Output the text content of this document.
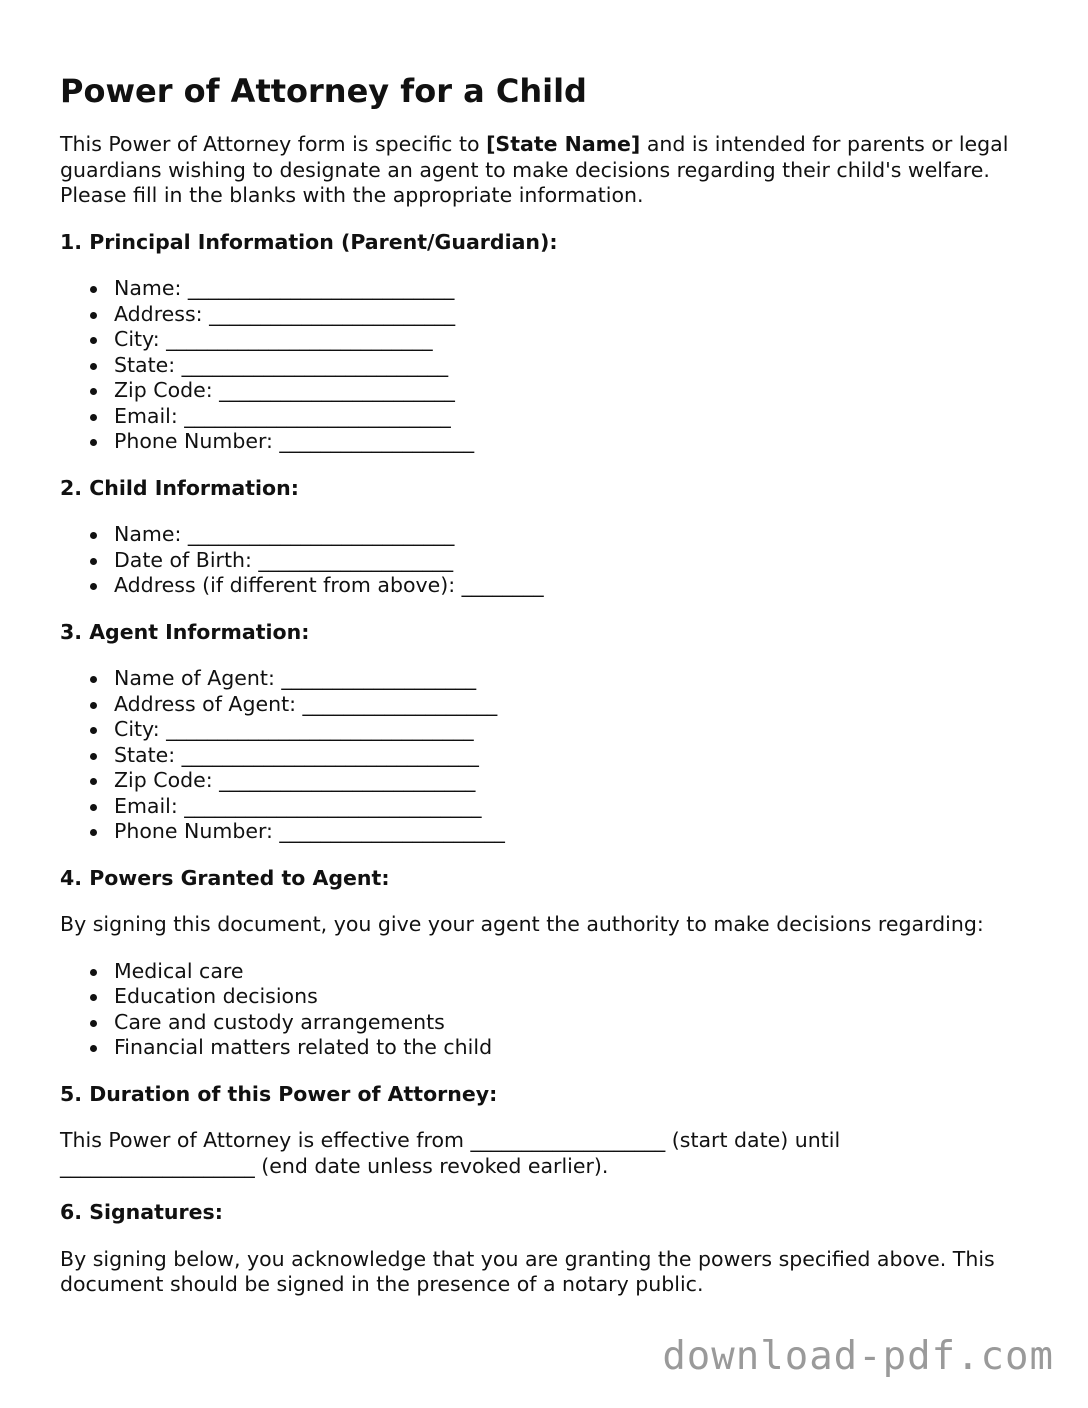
Power of Attorney for a Child

This Power of Attorney form is specific to [State Name] and is intended for parents or legal guardians wishing to designate an agent to make decisions regarding their child's welfare. Please fill in the blanks with the appropriate information.

1. Principal Information (Parent/Guardian):
Name: __________________________
Address: ________________________
City: __________________________
State: __________________________
Zip Code: _______________________
Email: __________________________
Phone Number: ___________________
2. Child Information:
Name: __________________________
Date of Birth: ___________________
Address (if different from above): ________
3. Agent Information:
Name of Agent: ___________________
Address of Agent: ___________________
City: ______________________________
State: _____________________________
Zip Code: _________________________
Email: _____________________________
Phone Number: ______________________
4. Powers Granted to Agent:

By signing this document, you give your agent the authority to make decisions regarding:

Medical care
Education decisions
Care and custody arrangements
Financial matters related to the child
5. Duration of this Power of Attorney:

This Power of Attorney is effective from ___________________ (start date) until ___________________ (end date unless revoked earlier).

6. Signatures:

By signing below, you acknowledge that you are granting the powers specified above. This document should be signed in the presence of a notary public.

download-pdf.com
